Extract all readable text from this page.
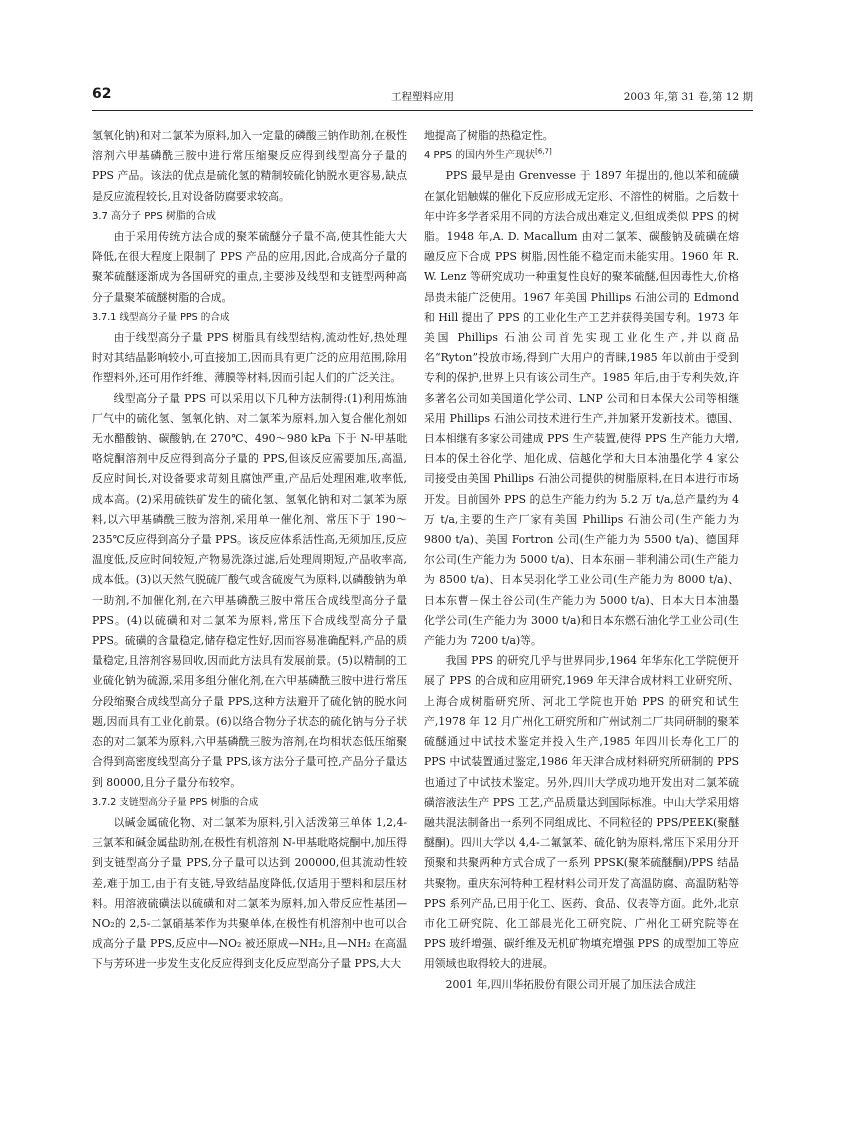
62	工程塑料应用	2003 年,第 31 卷,第 12 期

氢氧化钠)和对二氯苯为原料,加入一定量的磷酸三钠作助剂,在极性溶剂六甲基磷酰三胺中进行常压缩聚反应得到线型高分子量的 PPS 产品。该法的优点是硫化氢的精制较硫化钠脱水更容易,缺点是反应流程较长,且对设备防腐要求较高。

3.7 高分子 PPS 树脂的合成

由于采用传统方法合成的聚苯硫醚分子量不高,使其性能大大降低,在很大程度上限制了 PPS 产品的应用,因此,合成高分子量的聚苯硫醚逐渐成为各国研究的重点,主要涉及线型和支链型两种高分子量聚苯硫醚树脂的合成。

3.7.1 线型高分子量 PPS 的合成

由于线型高分子量 PPS 树脂具有线型结构,流动性好,热处理时对其结晶影响较小,可直接加工,因而具有更广泛的应用范围,除用作塑料外,还可用作纤维、薄膜等材料,因而引起人们的广泛关注。

线型高分子量 PPS 可以采用以下几种方法制得:(1)利用炼油厂气中的硫化氢、氢氧化钠、对二氯苯为原料,加入复合催化剂如无水醋酸钠、碳酸钠,在 270℃、490～980 kPa 下于 N-甲基吡咯烷酮溶剂中反应得到高分子量的 PPS,但该反应需要加压,高温,反应时间长,对设备要求苛刻且腐蚀严重,产品后处理困难,收率低,成本高。(2)采用硫铁矿发生的硫化氢、氢氧化钠和对二氯苯为原料,以六甲基磷酰三胺为溶剂,采用单一催化剂、常压下于 190～235℃反应得到高分子量 PPS。该反应体系活性高,无须加压,反应温度低,反应时间较短,产物易洗涤过滤,后处理周期短,产品收率高,成本低。(3)以天然气脱硫厂酸气或含硫废气为原料,以磷酸钠为单一助剂,不加催化剂,在六甲基磷酰三胺中常压合成线型高分子量 PPS。(4)以硫磺和对二氯苯为原料,常压下合成线型高分子量 PPS。硫磺的含量稳定,储存稳定性好,因而容易准确配料,产品的质量稳定,且溶剂容易回收,因而此方法具有发展前景。(5)以精制的工业硫化钠为硫源,采用多组分催化剂,在六甲基磷酰三胺中进行常压分段缩聚合成线型高分子量 PPS,这种方法避开了硫化钠的脱水问题,因而具有工业化前景。(6)以络合物分子状态的硫化钠与分子状态的对二氯苯为原料,六甲基磷酰三胺为溶剂,在均相状态低压缩聚合得到高密度线型高分子量 PPS,该方法分子量可控,产品分子量达到 80000,且分子量分布较窄。

3.7.2 支链型高分子量 PPS 树脂的合成

以碱金属硫化物、对二氯苯为原料,引入活泼第三单体 1,2,4-三氯苯和碱金属盐助剂,在极性有机溶剂 N-甲基吡咯烷酮中,加压得到支链型高分子量 PPS,分子量可以达到 200000,但其流动性较差,难于加工,由于有支链,导致结晶度降低,仅适用于塑料和层压材料。用溶液硫磺法以硫磺和对二氯苯为原料,加入带反应性基团—NO₂的 2,5-二氯硝基苯作为共聚单体,在极性有机溶剂中也可以合成高分子量 PPS,反应中—NO₂ 被还原成—NH₂,且—NH₂ 在高温下与芳环进一步发生支化反应得到支化反应型高分子量 PPS,大大

地提高了树脂的热稳定性。

4 PPS 的国内外生产现状[6,7]

PPS 最早是由 Grenvesse 于 1897 年提出的,他以苯和硫磺在氯化铝触媒的催化下反应形成无定形、不溶性的树脂。之后数十年中许多学者采用不同的方法合成出难定义,但组成类似 PPS 的树脂。1948 年,A. D. Macallum 由对二氯苯、碳酸钠及硫磺在熔融反应下合成 PPS 树脂,因性能不稳定而未能实用。1960 年 R. W. Lenz 等研究成功一种重复性良好的聚苯硫醚,但因毒性大,价格昂贵未能广泛使用。1967 年美国 Phillips 石油公司的 Edmond 和 Hill 提出了 PPS 的工业化生产工艺并获得美国专利。1973 年美国 Phillips 石油公司首先实现工业化生产,并以商品名“Ryton”投放市场,得到广大用户的青睐,1985 年以前由于受到专利的保护,世界上只有该公司生产。1985 年后,由于专利失效,许多著名公司如美国道化学公司、LNP 公司和日本保大公司等相继采用 Phillips 石油公司技术进行生产,并加紧开发新技术。德国、日本相继有多家公司建成 PPS 生产装置,使得 PPS 生产能力大增,日本的保土谷化学、旭化成、信越化学和大日本油墨化学 4 家公司接受由美国 Phillips 石油公司提供的树脂原料,在日本进行市场开发。目前国外 PPS 的总生产能力约为 5.2 万 t/a,总产量约为 4 万 t/a,主要的生产厂家有美国 Phillips 石油公司(生产能力为 9800 t/a)、美国 Fortron 公司(生产能力为 5500 t/a)、德国拜尔公司(生产能力为 5000 t/a)、日本东丽－菲利浦公司(生产能力为 8500 t/a)、日本吴羽化学工业公司(生产能力为 8000 t/a)、日本东曹－保土谷公司(生产能力为 5000 t/a)、日本大日本油墨化学公司(生产能力为 3000 t/a)和日本东燃石油化学工业公司(生产能力为 7200 t/a)等。

我国 PPS 的研究几乎与世界同步,1964 年华东化工学院便开展了 PPS 的合成和应用研究,1969 年天津合成材料工业研究所、上海合成树脂研究所、河北工学院也开始 PPS 的研究和试生产,1978 年 12 月广州化工研究所和广州试剂二厂共同研制的聚苯硫醚通过中试技术鉴定并投入生产,1985 年四川长寿化工厂的 PPS 中试装置通过鉴定,1986 年天津合成材料研究所研制的 PPS 也通过了中试技术鉴定。另外,四川大学成功地开发出对二氯苯硫磺溶液法生产 PPS 工艺,产品质量达到国际标准。中山大学采用熔融共混法制备出一系列不同组成比、不同粒径的 PPS/PEEK(聚醚醚酮)。四川大学以 4,4-二氟氯苯、硫化钠为原料,常压下采用分开预聚和共聚两种方式合成了一系列 PPSK(聚苯硫醚酮)/PPS 结晶共聚物。重庆东河特种工程材料公司开发了高温防腐、高温防粘等 PPS 系列产品,已用于化工、医药、食品、仪表等方面。此外,北京市化工研究院、化工部晨光化工研究院、广州化工研究院等在 PPS 玻纤增强、碳纤维及无机矿物填充增强 PPS 的成型加工等应用领域也取得较大的进展。

2001 年,四川华拓股份有限公司开展了加压法合成注
